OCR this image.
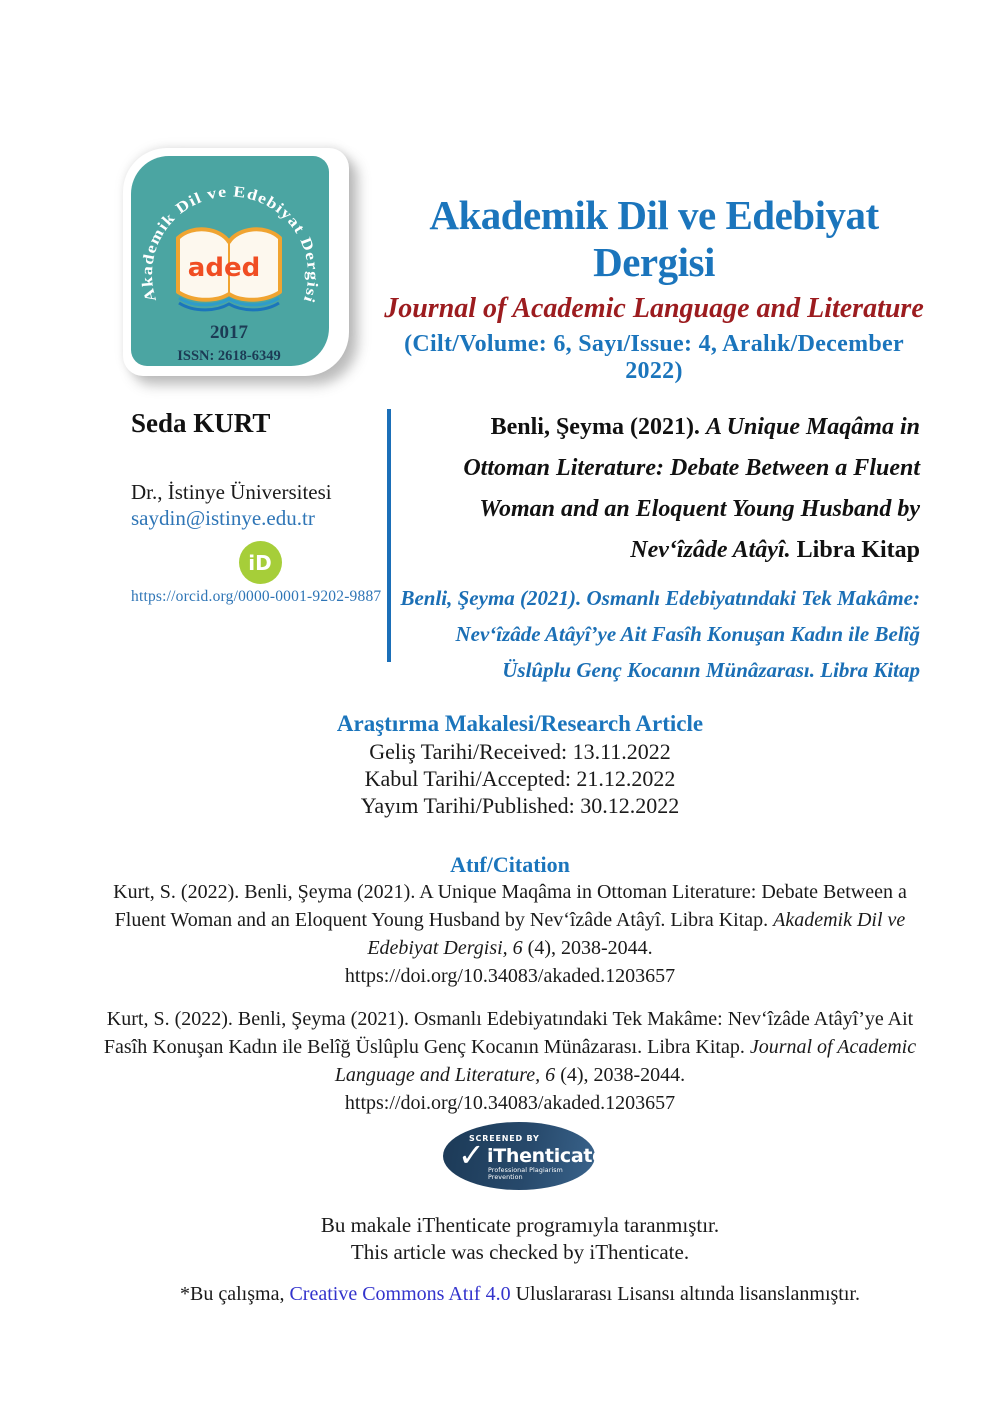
Akademik Dil ve Edebiyat Dergisi
aded
2017
ISSN: 2618-6349
Akademik Dil ve Edebiyat Dergisi
Journal of Academic Language and Literature
(Cilt/Volume: 6, Sayı/Issue: 4, Aralık/December 2022)
Seda KURT
Dr., İstinye Üniversitesi
saydin@istinye.edu.tr
iD
https://orcid.org/0000-0001-9202-9887
Benli, Şeyma (2021). A Unique Maqâma in Ottoman Literature: Debate Between a Fluent Woman and an Eloquent Young Husband by Nev‘îzâde Atâyî. Libra Kitap
Benli, Şeyma (2021). Osmanlı Edebiyatındaki Tek Makâme: Nev‘îzâde Atâyî’ye Ait Fasîh Konuşan Kadın ile Belîğ Üslûplu Genç Kocanın Münâzarası. Libra Kitap
Araştırma Makalesi/Research Article
Geliş Tarihi/Received: 13.11.2022
Kabul Tarihi/Accepted: 21.12.2022
Yayım Tarihi/Published: 30.12.2022
Atıf/Citation

Kurt, S. (2022). Benli, Şeyma (2021). A Unique Maqâma in Ottoman Literature: Debate Between a Fluent Woman and an Eloquent Young Husband by Nev‘îzâde Atâyî. Libra Kitap. Akademik Dil ve Edebiyat Dergisi, 6 (4), 2038-2044.
https://doi.org/10.34083/akaded.1203657

Kurt, S. (2022). Benli, Şeyma (2021). Osmanlı Edebiyatındaki Tek Makâme: Nev‘îzâde Atâyî’ye Ait Fasîh Konuşan Kadın ile Belîğ Üslûplu Genç Kocanın Münâzarası. Libra Kitap. Journal of Academic Language and Literature, 6 (4), 2038-2044.
https://doi.org/10.34083/akaded.1203657

SCREENED BY
✓ iThenticate®
Professional Plagiarism Prevention
Bu makale iThenticate programıyla taranmıştır.
This article was checked by iThenticate.
*Bu çalışma, Creative Commons Atıf 4.0 Uluslararası Lisansı altında lisanslanmıştır.
